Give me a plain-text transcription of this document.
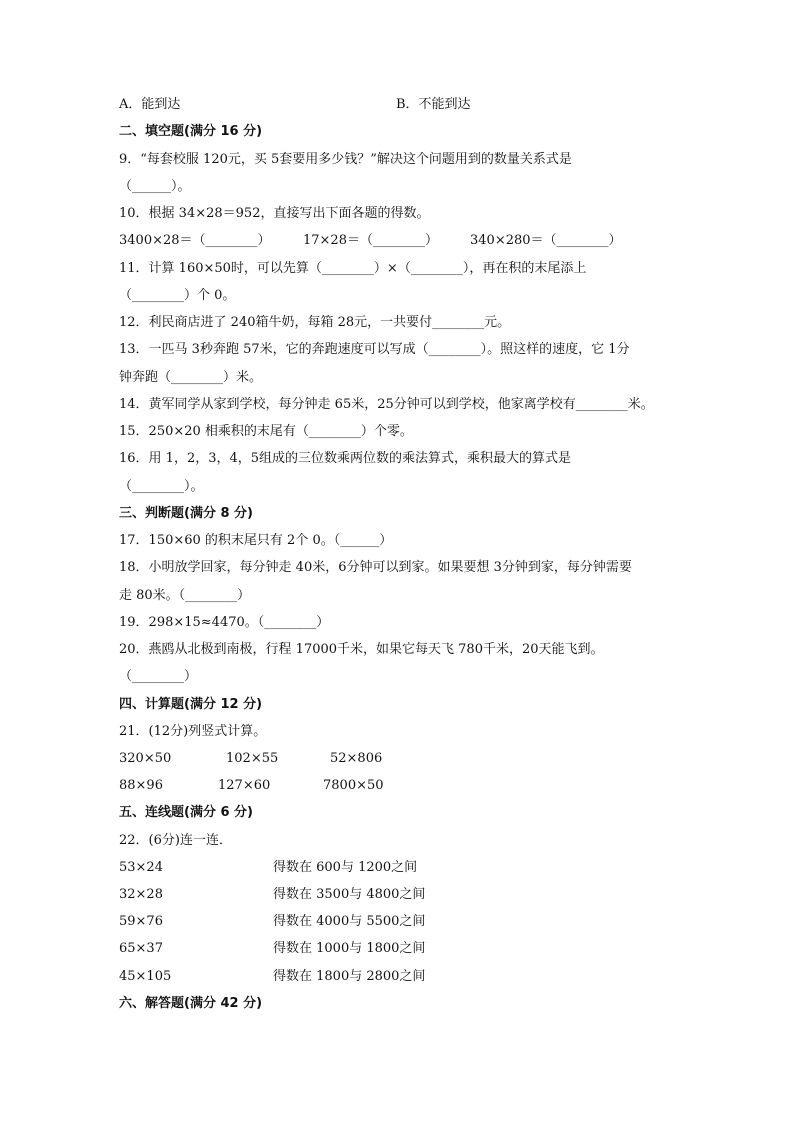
A．能到达	B．不能到达
二、填空题(满分 16 分)
9．“每套校服 120元，买 5套要用多少钱？”解决这个问题用到的数量关系式是
（______）。
10．根据 34×28＝952，直接写出下面各题的得数。
3400×28＝（________） 17×28＝（________） 340×280＝（________）
11．计算 160×50时，可以先算（________）×（________），再在积的末尾添上
（________）个 0。
12．利民商店进了 240箱牛奶，每箱 28元，一共要付________元。
13．一匹马 3秒奔跑 57米，它的奔跑速度可以写成（________）。照这样的速度，它 1分
钟奔跑（________）米。
14．黄军同学从家到学校，每分钟走 65米，25分钟可以到学校，他家离学校有________米。
15．250×20 相乘积的末尾有（________）个零。
16．用 1，2，3，4，5组成的三位数乘两位数的乘法算式，乘积最大的算式是
（________）。
三、判断题(满分 8 分)
17．150×60 的积末尾只有 2个 0。（______）
18．小明放学回家，每分钟走 40米，6分钟可以到家。如果要想 3分钟到家，每分钟需要
走 80米。（________）
19．298×15≈4470。（________）
20．燕鸥从北极到南极，行程 17000千米，如果它每天飞 780千米，20天能飞到。
（________）
四、计算题(满分 12 分)
21．(12分)列竖式计算。
320×50	102×55	52×806
88×96	127×60	7800×50
五、连线题(满分 6 分)
22．(6分)连一连．
53×24	得数在 600与 1200之间
32×28	得数在 3500与 4800之间
59×76	得数在 4000与 5500之间
65×37	得数在 1000与 1800之间
45×105	得数在 1800与 2800之间
六、解答题(满分 42 分)
